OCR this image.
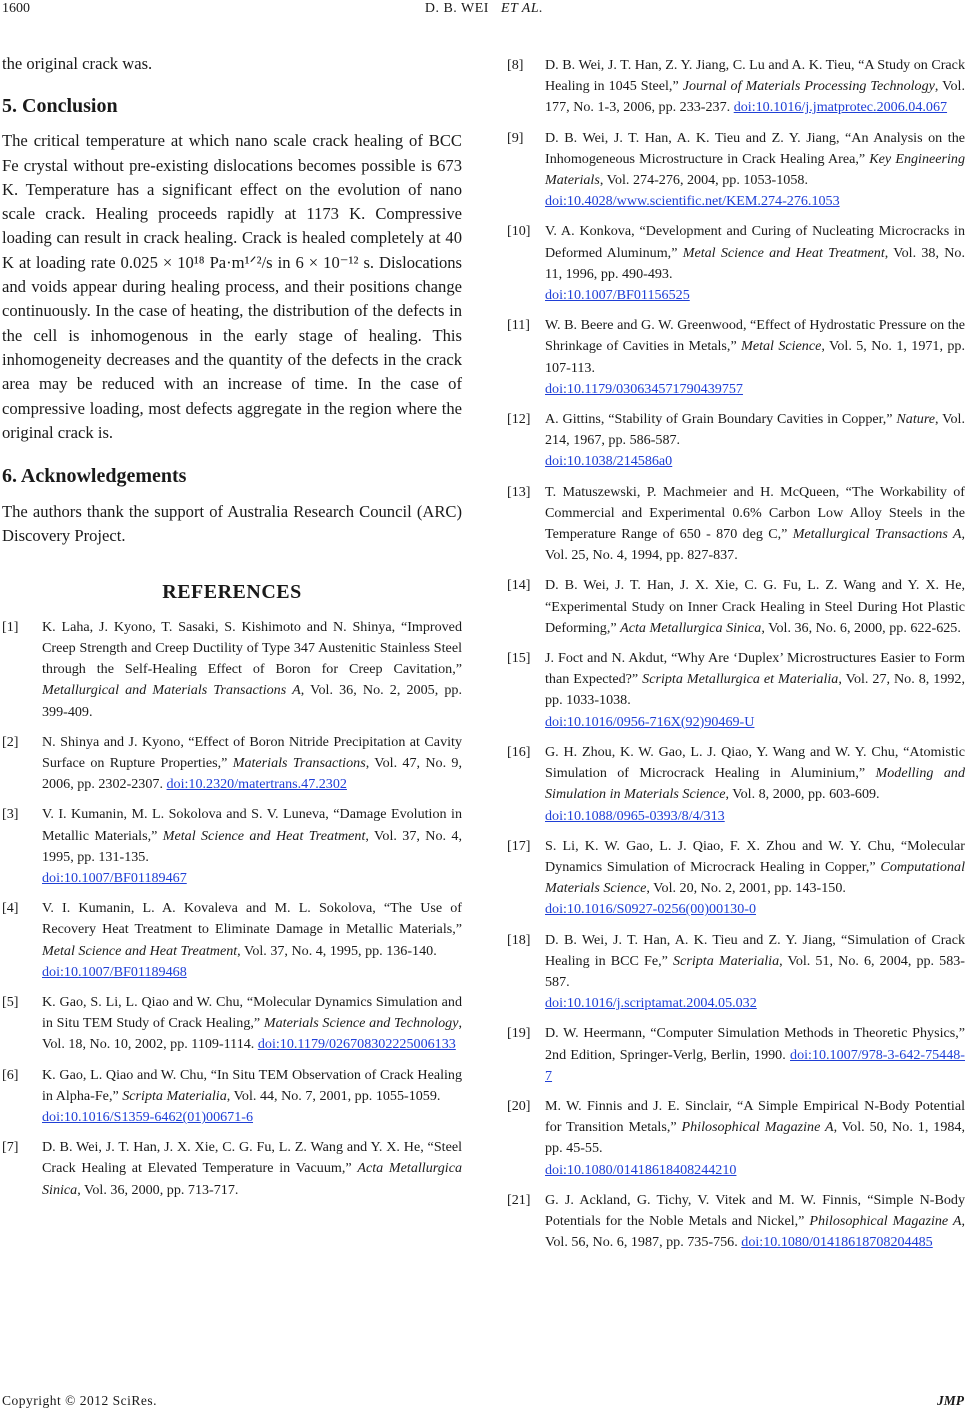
1600	D. B. WEI ET AL.

the original crack was.

5. Conclusion

The critical temperature at which nano scale crack healing of BCC Fe crystal without pre-existing dislocations becomes possible is 673 K. Temperature has a significant effect on the evolution of nano scale crack. Healing proceeds rapidly at 1173 K. Compressive loading can result in crack healing. Crack is healed completely at 40 K at loading rate 0.025 × 10¹⁸ Pa·m¹ᐟ²/s in 6 × 10⁻¹² s. Dislocations and voids appear during healing process, and their positions change continuously. In the case of heating, the distribution of the defects in the cell is inhomogenous in the early stage of healing. This inhomogeneity decreases and the quantity of the defects in the crack area may be reduced with an increase of time. In the case of compressive loading, most defects aggregate in the region where the original crack is.

6. Acknowledgements

The authors thank the support of Australia Research Council (ARC) Discovery Project.

REFERENCES
[1]	K. Laha, J. Kyono, T. Sasaki, S. Kishimoto and N. Shinya, “Improved Creep Strength and Creep Ductility of Type 347 Austenitic Stainless Steel through the Self-Healing Effect of Boron for Creep Cavitation,” Metallurgical and Materials Transactions A, Vol. 36, No. 2, 2005, pp. 399-409.
[2]	N. Shinya and J. Kyono, “Effect of Boron Nitride Precipitation at Cavity Surface on Rupture Properties,” Materials Transactions, Vol. 47, No. 9, 2006, pp. 2302-2307. doi:10.2320/matertrans.47.2302
[3]	V. I. Kumanin, M. L. Sokolova and S. V. Luneva, “Damage Evolution in Metallic Materials,” Metal Science and Heat Treatment, Vol. 37, No. 4, 1995, pp. 131-135.
doi:10.1007/BF01189467
[4]	V. I. Kumanin, L. A. Kovaleva and M. L. Sokolova, “The Use of Recovery Heat Treatment to Eliminate Damage in Metallic Materials,” Metal Science and Heat Treatment, Vol. 37, No. 4, 1995, pp. 136-140.
doi:10.1007/BF01189468
[5]	K. Gao, S. Li, L. Qiao and W. Chu, “Molecular Dynamics Simulation and in Situ TEM Study of Crack Healing,” Materials Science and Technology, Vol. 18, No. 10, 2002, pp. 1109-1114. doi:10.1179/026708302225006133
[6]	K. Gao, L. Qiao and W. Chu, “In Situ TEM Observation of Crack Healing in Alpha-Fe,” Scripta Materialia, Vol. 44, No. 7, 2001, pp. 1055-1059.
doi:10.1016/S1359-6462(01)00671-6
[7]	D. B. Wei, J. T. Han, J. X. Xie, C. G. Fu, L. Z. Wang and Y. X. He, “Steel Crack Healing at Elevated Temperature in Vacuum,” Acta Metallurgica Sinica, Vol. 36, 2000, pp. 713-717.
[8]	D. B. Wei, J. T. Han, Z. Y. Jiang, C. Lu and A. K. Tieu, “A Study on Crack Healing in 1045 Steel,” Journal of Materials Processing Technology, Vol. 177, No. 1-3, 2006, pp. 233-237. doi:10.1016/j.jmatprotec.2006.04.067
[9]	D. B. Wei, J. T. Han, A. K. Tieu and Z. Y. Jiang, “An Analysis on the Inhomogeneous Microstructure in Crack Healing Area,” Key Engineering Materials, Vol. 274-276, 2004, pp. 1053-1058.
doi:10.4028/www.scientific.net/KEM.274-276.1053
[10]	V. A. Konkova, “Development and Curing of Nucleating Microcracks in Deformed Aluminum,” Metal Science and Heat Treatment, Vol. 38, No. 11, 1996, pp. 490-493.
doi:10.1007/BF01156525
[11]	W. B. Beere and G. W. Greenwood, “Effect of Hydrostatic Pressure on the Shrinkage of Cavities in Metals,” Metal Science, Vol. 5, No. 1, 1971, pp. 107-113.
doi:10.1179/030634571790439757
[12]	A. Gittins, “Stability of Grain Boundary Cavities in Copper,” Nature, Vol. 214, 1967, pp. 586-587.
doi:10.1038/214586a0
[13]	T. Matuszewski, P. Machmeier and H. McQueen, “The Workability of Commercial and Experimental 0.6% Carbon Low Alloy Steels in the Temperature Range of 650 - 870 deg C,” Metallurgical Transactions A, Vol. 25, No. 4, 1994, pp. 827-837.
[14]	D. B. Wei, J. T. Han, J. X. Xie, C. G. Fu, L. Z. Wang and Y. X. He, “Experimental Study on Inner Crack Healing in Steel During Hot Plastic Deforming,” Acta Metallurgica Sinica, Vol. 36, No. 6, 2000, pp. 622-625.
[15]	J. Foct and N. Akdut, “Why Are ‘Duplex’ Microstructures Easier to Form than Expected?” Scripta Metallurgica et Materialia, Vol. 27, No. 8, 1992, pp. 1033-1038.
doi:10.1016/0956-716X(92)90469-U
[16]	G. H. Zhou, K. W. Gao, L. J. Qiao, Y. Wang and W. Y. Chu, “Atomistic Simulation of Microcrack Healing in Aluminium,” Modelling and Simulation in Materials Science, Vol. 8, 2000, pp. 603-609.
doi:10.1088/0965-0393/8/4/313
[17]	S. Li, K. W. Gao, L. J. Qiao, F. X. Zhou and W. Y. Chu, “Molecular Dynamics Simulation of Microcrack Healing in Copper,” Computational Materials Science, Vol. 20, No. 2, 2001, pp. 143-150.
doi:10.1016/S0927-0256(00)00130-0
[18]	D. B. Wei, J. T. Han, A. K. Tieu and Z. Y. Jiang, “Simulation of Crack Healing in BCC Fe,” Scripta Materialia, Vol. 51, No. 6, 2004, pp. 583-587.
doi:10.1016/j.scriptamat.2004.05.032
[19]	D. W. Heermann, “Computer Simulation Methods in Theoretic Physics,” 2nd Edition, Springer-Verlg, Berlin, 1990. doi:10.1007/978-3-642-75448-7
[20]	M. W. Finnis and J. E. Sinclair, “A Simple Empirical N-Body Potential for Transition Metals,” Philosophical Magazine A, Vol. 50, No. 1, 1984, pp. 45-55.
doi:10.1080/01418618408244210
[21]	G. J. Ackland, G. Tichy, V. Vitek and M. W. Finnis, “Simple N-Body Potentials for the Noble Metals and Nickel,” Philosophical Magazine A, Vol. 56, No. 6, 1987, pp. 735-756. doi:10.1080/01418618708204485
Copyright © 2012 SciRes.	JMP
